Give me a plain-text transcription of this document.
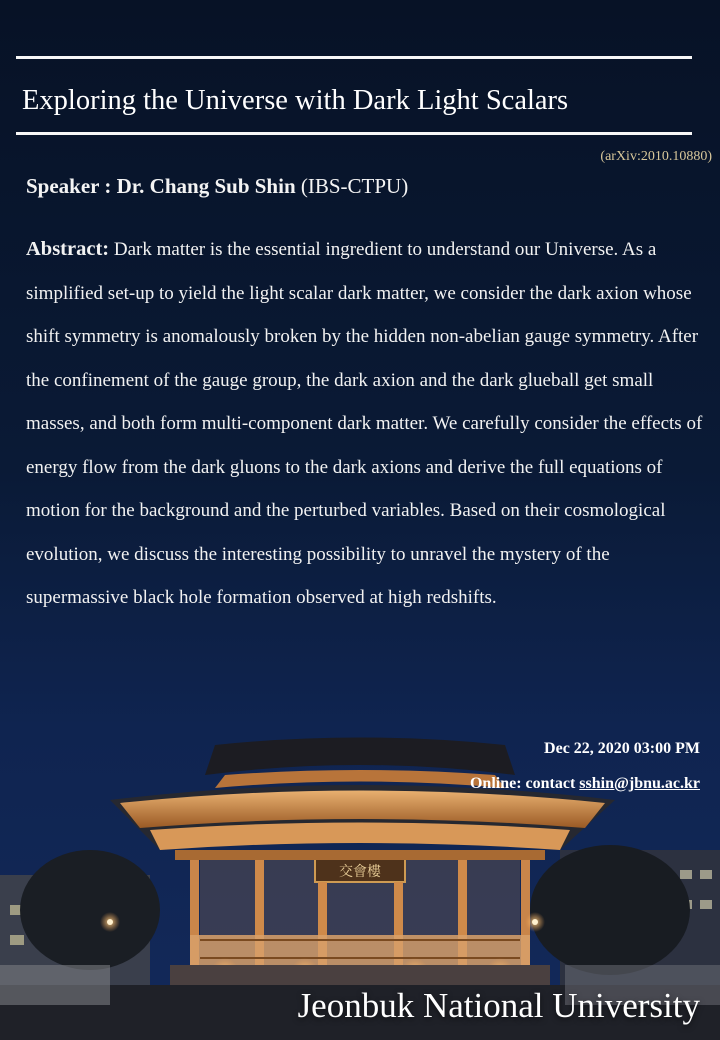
Exploring the Universe with Dark Light Scalars
(arXiv:2010.10880)
Speaker : Dr. Chang Sub Shin (IBS-CTPU)
Abstract: Dark matter is the essential ingredient to understand our Universe. As a simplified set-up to yield the light scalar dark matter, we consider the dark axion whose shift symmetry is anomalously broken by the hidden non-abelian gauge symmetry. After the confinement of the gauge group, the dark axion and the dark glueball get small masses, and both form multi-component dark matter. We carefully consider the effects of energy flow from the dark gluons to the dark axions and derive the full equations of motion for the background and the perturbed variables. Based on their cosmological evolution, we discuss the interesting possibility to unravel the mystery of the supermassive black hole formation observed at high redshifts.
交會樓
Dec 22, 2020 03:00 PM
Online: contact sshin@jbnu.ac.kr
Jeonbuk National University
